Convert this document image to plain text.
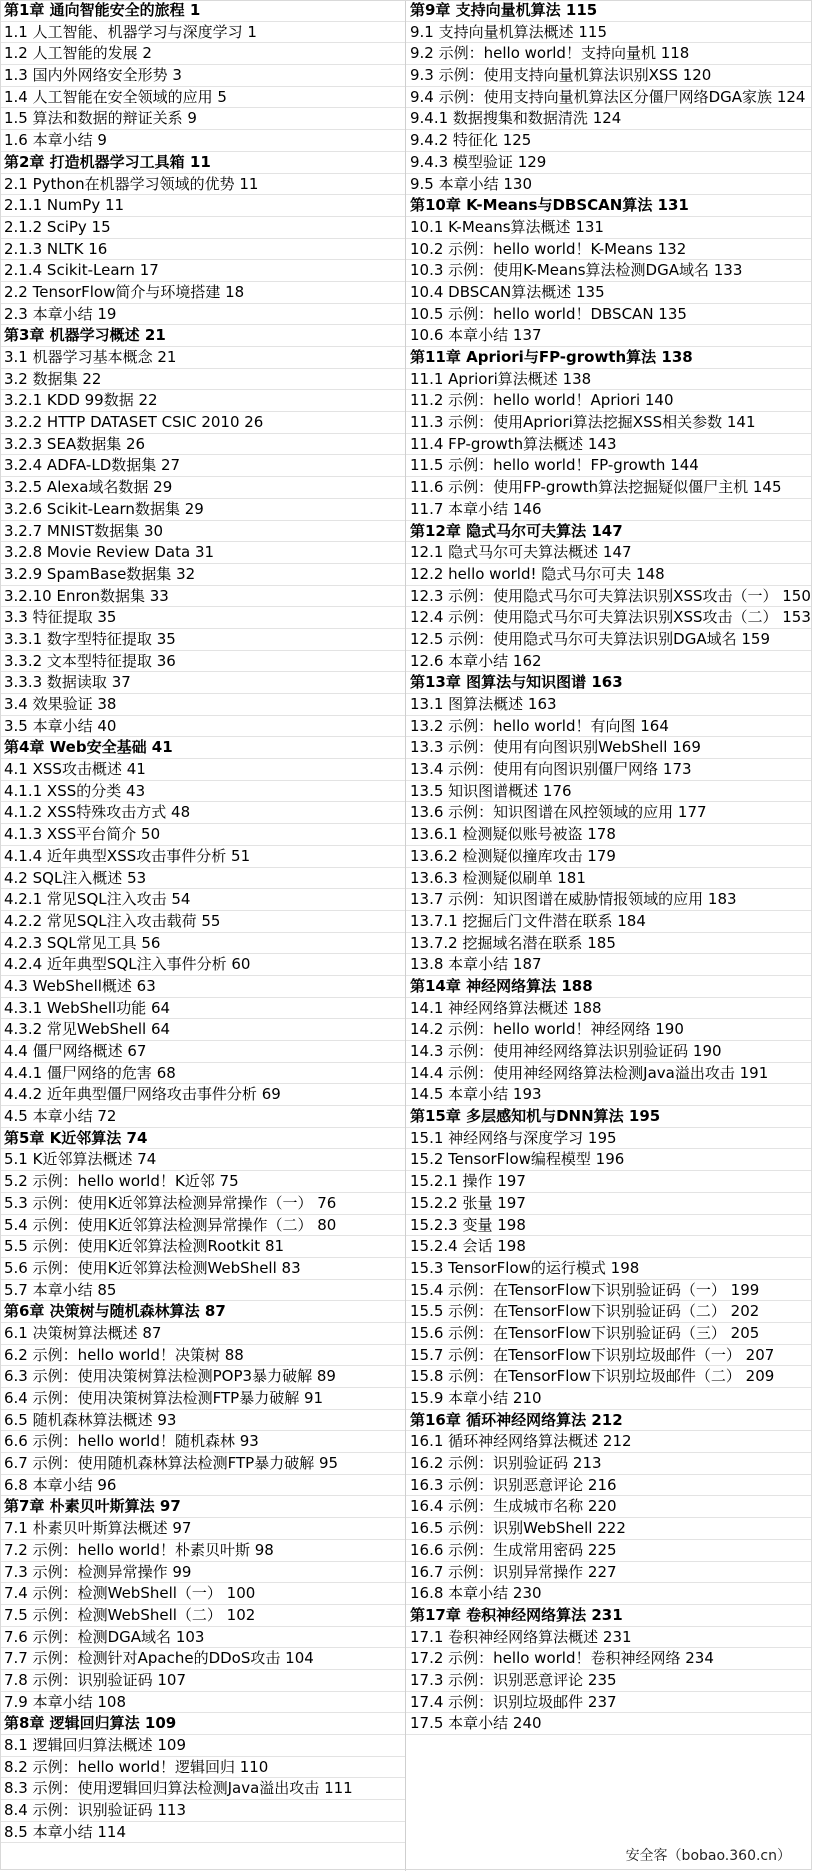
第1章 通向智能安全的旅程 1
1.1 人工智能、机器学习与深度学习 1
1.2 人工智能的发展 2
1.3 国内外网络安全形势 3
1.4 人工智能在安全领域的应用 5
1.5 算法和数据的辩证关系 9
1.6 本章小结 9
第2章 打造机器学习工具箱 11
2.1 Python在机器学习领域的优势 11
2.1.1 NumPy 11
2.1.2 SciPy 15
2.1.3 NLTK 16
2.1.4 Scikit-Learn 17
2.2 TensorFlow简介与环境搭建 18
2.3 本章小结 19
第3章 机器学习概述 21
3.1 机器学习基本概念 21
3.2 数据集 22
3.2.1 KDD 99数据 22
3.2.2 HTTP DATASET CSIC 2010 26
3.2.3 SEA数据集 26
3.2.4 ADFA-LD数据集 27
3.2.5 Alexa域名数据 29
3.2.6 Scikit-Learn数据集 29
3.2.7 MNIST数据集 30
3.2.8 Movie Review Data 31
3.2.9 SpamBase数据集 32
3.2.10 Enron数据集 33
3.3 特征提取 35
3.3.1 数字型特征提取 35
3.3.2 文本型特征提取 36
3.3.3 数据读取 37
3.4 效果验证 38
3.5 本章小结 40
第4章 Web安全基础 41
4.1 XSS攻击概述 41
4.1.1 XSS的分类 43
4.1.2 XSS特殊攻击方式 48
4.1.3 XSS平台简介 50
4.1.4 近年典型XSS攻击事件分析 51
4.2 SQL注入概述 53
4.2.1 常见SQL注入攻击 54
4.2.2 常见SQL注入攻击载荷 55
4.2.3 SQL常见工具 56
4.2.4 近年典型SQL注入事件分析 60
4.3 WebShell概述 63
4.3.1 WebShell功能 64
4.3.2 常见WebShell 64
4.4 僵尸网络概述 67
4.4.1 僵尸网络的危害 68
4.4.2 近年典型僵尸网络攻击事件分析 69
4.5 本章小结 72
第5章 K近邻算法 74
5.1 K近邻算法概述 74
5.2 示例：hello world！K近邻 75
5.3 示例：使用K近邻算法检测异常操作（一） 76
5.4 示例：使用K近邻算法检测异常操作（二） 80
5.5 示例：使用K近邻算法检测Rootkit 81
5.6 示例：使用K近邻算法检测WebShell 83
5.7 本章小结 85
第6章 决策树与随机森林算法 87
6.1 决策树算法概述 87
6.2 示例：hello world！决策树 88
6.3 示例：使用决策树算法检测POP3暴力破解 89
6.4 示例：使用决策树算法检测FTP暴力破解 91
6.5 随机森林算法概述 93
6.6 示例：hello world！随机森林 93
6.7 示例：使用随机森林算法检测FTP暴力破解 95
6.8 本章小结 96
第7章 朴素贝叶斯算法 97
7.1 朴素贝叶斯算法概述 97
7.2 示例：hello world！朴素贝叶斯 98
7.3 示例：检测异常操作 99
7.4 示例：检测WebShell（一） 100
7.5 示例：检测WebShell（二） 102
7.6 示例：检测DGA域名 103
7.7 示例：检测针对Apache的DDoS攻击 104
7.8 示例：识别验证码 107
7.9 本章小结 108
第8章 逻辑回归算法 109
8.1 逻辑回归算法概述 109
8.2 示例：hello world！逻辑回归 110
8.3 示例：使用逻辑回归算法检测Java溢出攻击 111
8.4 示例：识别验证码 113
8.5 本章小结 114
第9章 支持向量机算法 115
9.1 支持向量机算法概述 115
9.2 示例：hello world！支持向量机 118
9.3 示例：使用支持向量机算法识别XSS 120
9.4 示例：使用支持向量机算法区分僵尸网络DGA家族 124
9.4.1 数据搜集和数据清洗 124
9.4.2 特征化 125
9.4.3 模型验证 129
9.5 本章小结 130
第10章 K-Means与DBSCAN算法 131
10.1 K-Means算法概述 131
10.2 示例：hello world！K-Means 132
10.3 示例：使用K-Means算法检测DGA域名 133
10.4 DBSCAN算法概述 135
10.5 示例：hello world！DBSCAN 135
10.6 本章小结 137
第11章 Apriori与FP-growth算法 138
11.1 Apriori算法概述 138
11.2 示例：hello world！Apriori 140
11.3 示例：使用Apriori算法挖掘XSS相关参数 141
11.4 FP-growth算法概述 143
11.5 示例：hello world！FP-growth 144
11.6 示例：使用FP-growth算法挖掘疑似僵尸主机 145
11.7 本章小结 146
第12章 隐式马尔可夫算法 147
12.1 隐式马尔可夫算法概述 147
12.2 hello world! 隐式马尔可夫 148
12.3 示例：使用隐式马尔可夫算法识别XSS攻击（一） 150
12.4 示例：使用隐式马尔可夫算法识别XSS攻击（二） 153
12.5 示例：使用隐式马尔可夫算法识别DGA域名 159
12.6 本章小结 162
第13章 图算法与知识图谱 163
13.1 图算法概述 163
13.2 示例：hello world！有向图 164
13.3 示例：使用有向图识别WebShell 169
13.4 示例：使用有向图识别僵尸网络 173
13.5 知识图谱概述 176
13.6 示例：知识图谱在风控领域的应用 177
13.6.1 检测疑似账号被盗 178
13.6.2 检测疑似撞库攻击 179
13.6.3 检测疑似刷单 181
13.7 示例：知识图谱在威胁情报领域的应用 183
13.7.1 挖掘后门文件潜在联系 184
13.7.2 挖掘域名潜在联系 185
13.8 本章小结 187
第14章 神经网络算法 188
14.1 神经网络算法概述 188
14.2 示例：hello world！神经网络 190
14.3 示例：使用神经网络算法识别验证码 190
14.4 示例：使用神经网络算法检测Java溢出攻击 191
14.5 本章小结 193
第15章 多层感知机与DNN算法 195
15.1 神经网络与深度学习 195
15.2 TensorFlow编程模型 196
15.2.1 操作 197
15.2.2 张量 197
15.2.3 变量 198
15.2.4 会话 198
15.3 TensorFlow的运行模式 198
15.4 示例：在TensorFlow下识别验证码（一） 199
15.5 示例：在TensorFlow下识别验证码（二） 202
15.6 示例：在TensorFlow下识别验证码（三） 205
15.7 示例：在TensorFlow下识别垃圾邮件（一） 207
15.8 示例：在TensorFlow下识别垃圾邮件（二） 209
15.9 本章小结 210
第16章 循环神经网络算法 212
16.1 循环神经网络算法概述 212
16.2 示例：识别验证码 213
16.3 示例：识别恶意评论 216
16.4 示例：生成城市名称 220
16.5 示例：识别WebShell 222
16.6 示例：生成常用密码 225
16.7 示例：识别异常操作 227
16.8 本章小结 230
第17章 卷积神经网络算法 231
17.1 卷积神经网络算法概述 231
17.2 示例：hello world！卷积神经网络 234
17.3 示例：识别恶意评论 235
17.4 示例：识别垃圾邮件 237
17.5 本章小结 240
安全客（bobao.360.cn）
